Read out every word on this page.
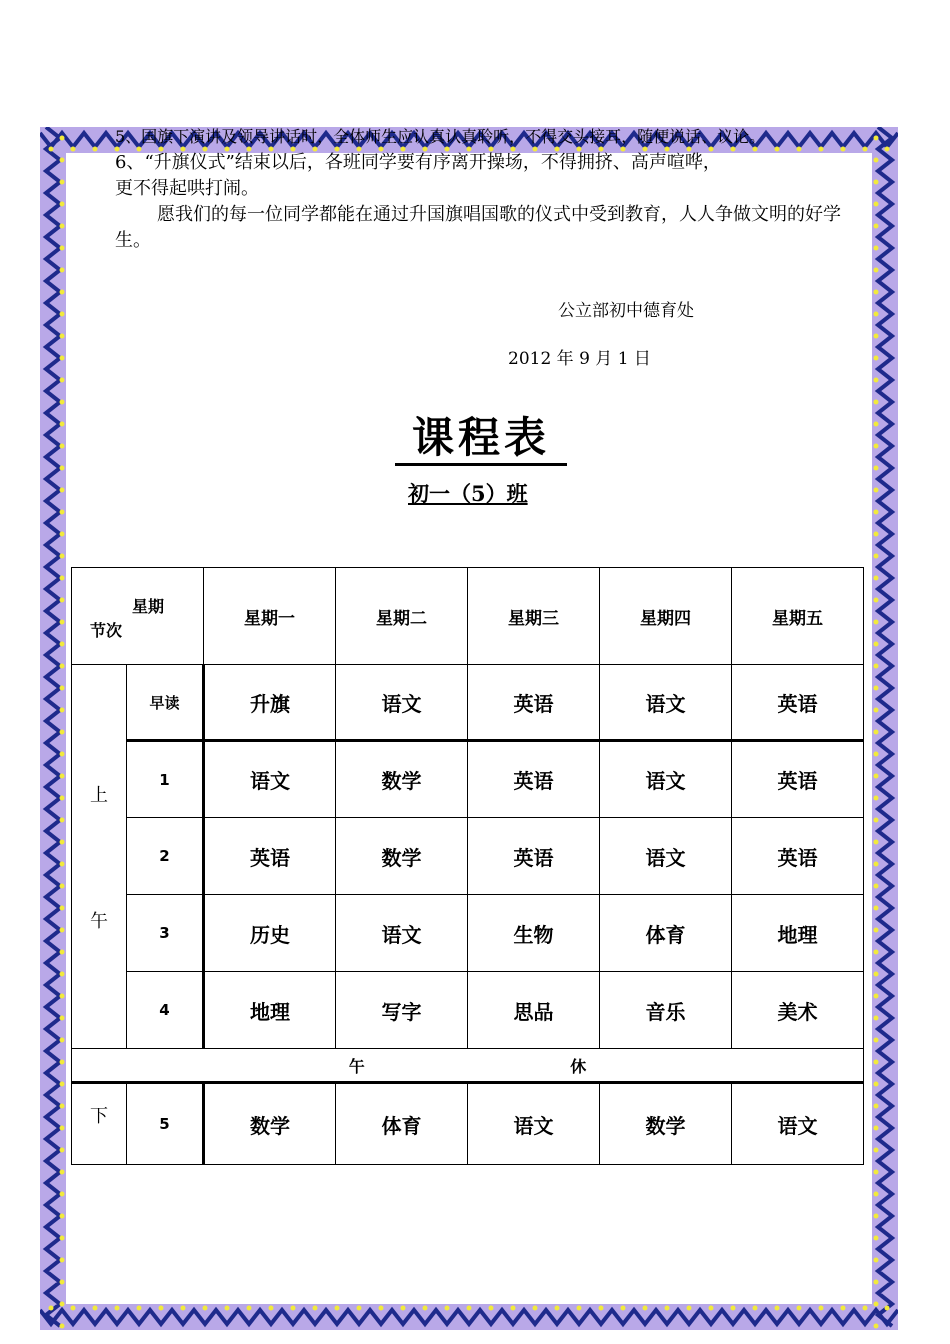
5、国旗下演讲及领导讲话时，全体师生应认真认真聆听，不得交头接耳，随便说话、议论。
6、“升旗仪式”结束以后，各班同学要有序离开操场，不得拥挤、高声喧哗，
更不得起哄打闹。
愿我们的每一位同学都能在通过升国旗唱国歌的仪式中受到教育，人人争做文明的好学生。
公立部初中德育处
2012 年 9 月 1 日
课程表
初一（5）班
星期
节次		星期一	星期二	星期三	星期四	星期五

上
午	早读	升旗	语文	英语	语文	英语
	1	语文	数学	英语	语文	英语
	2	英语	数学	英语	语文	英语
	3	历史	语文	生物	体育	地理
	4	地理	写字	思品	音乐	美术
午 休						
下	5	数学	体育	语文	数学	语文
